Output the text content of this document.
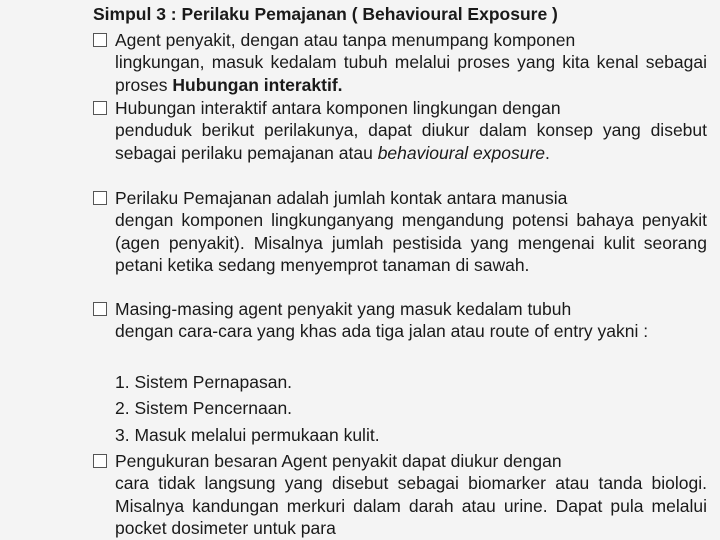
Simpul 3 : Perilaku Pemajanan ( Behavioural Exposure )
Agent penyakit, dengan atau tanpa menumpang komponen
lingkungan, masuk kedalam tubuh melalui proses yang kita kenal sebagai proses Hubungan interaktif.
Hubungan interaktif antara komponen lingkungan dengan
penduduk berikut perilakunya, dapat diukur dalam konsep yang disebut sebagai perilaku pemajanan atau behavioural exposure.
Perilaku Pemajanan adalah jumlah kontak antara manusia
dengan komponen lingkunganyang mengandung potensi bahaya penyakit (agen penyakit). Misalnya jumlah pestisida yang mengenai kulit seorang petani ketika sedang menyemprot tanaman di sawah.
Masing-masing agent penyakit yang masuk kedalam tubuh
dengan cara-cara yang khas ada tiga jalan atau route of entry yakni :
1. Sistem Pernapasan.
2. Sistem Pencernaan.
3. Masuk melalui permukaan kulit.
Pengukuran besaran Agent penyakit dapat diukur dengan
cara tidak langsung yang disebut sebagai biomarker atau tanda biologi. Misalnya kandungan merkuri dalam darah atau urine. Dapat pula melalui pocket dosimeter untuk para
